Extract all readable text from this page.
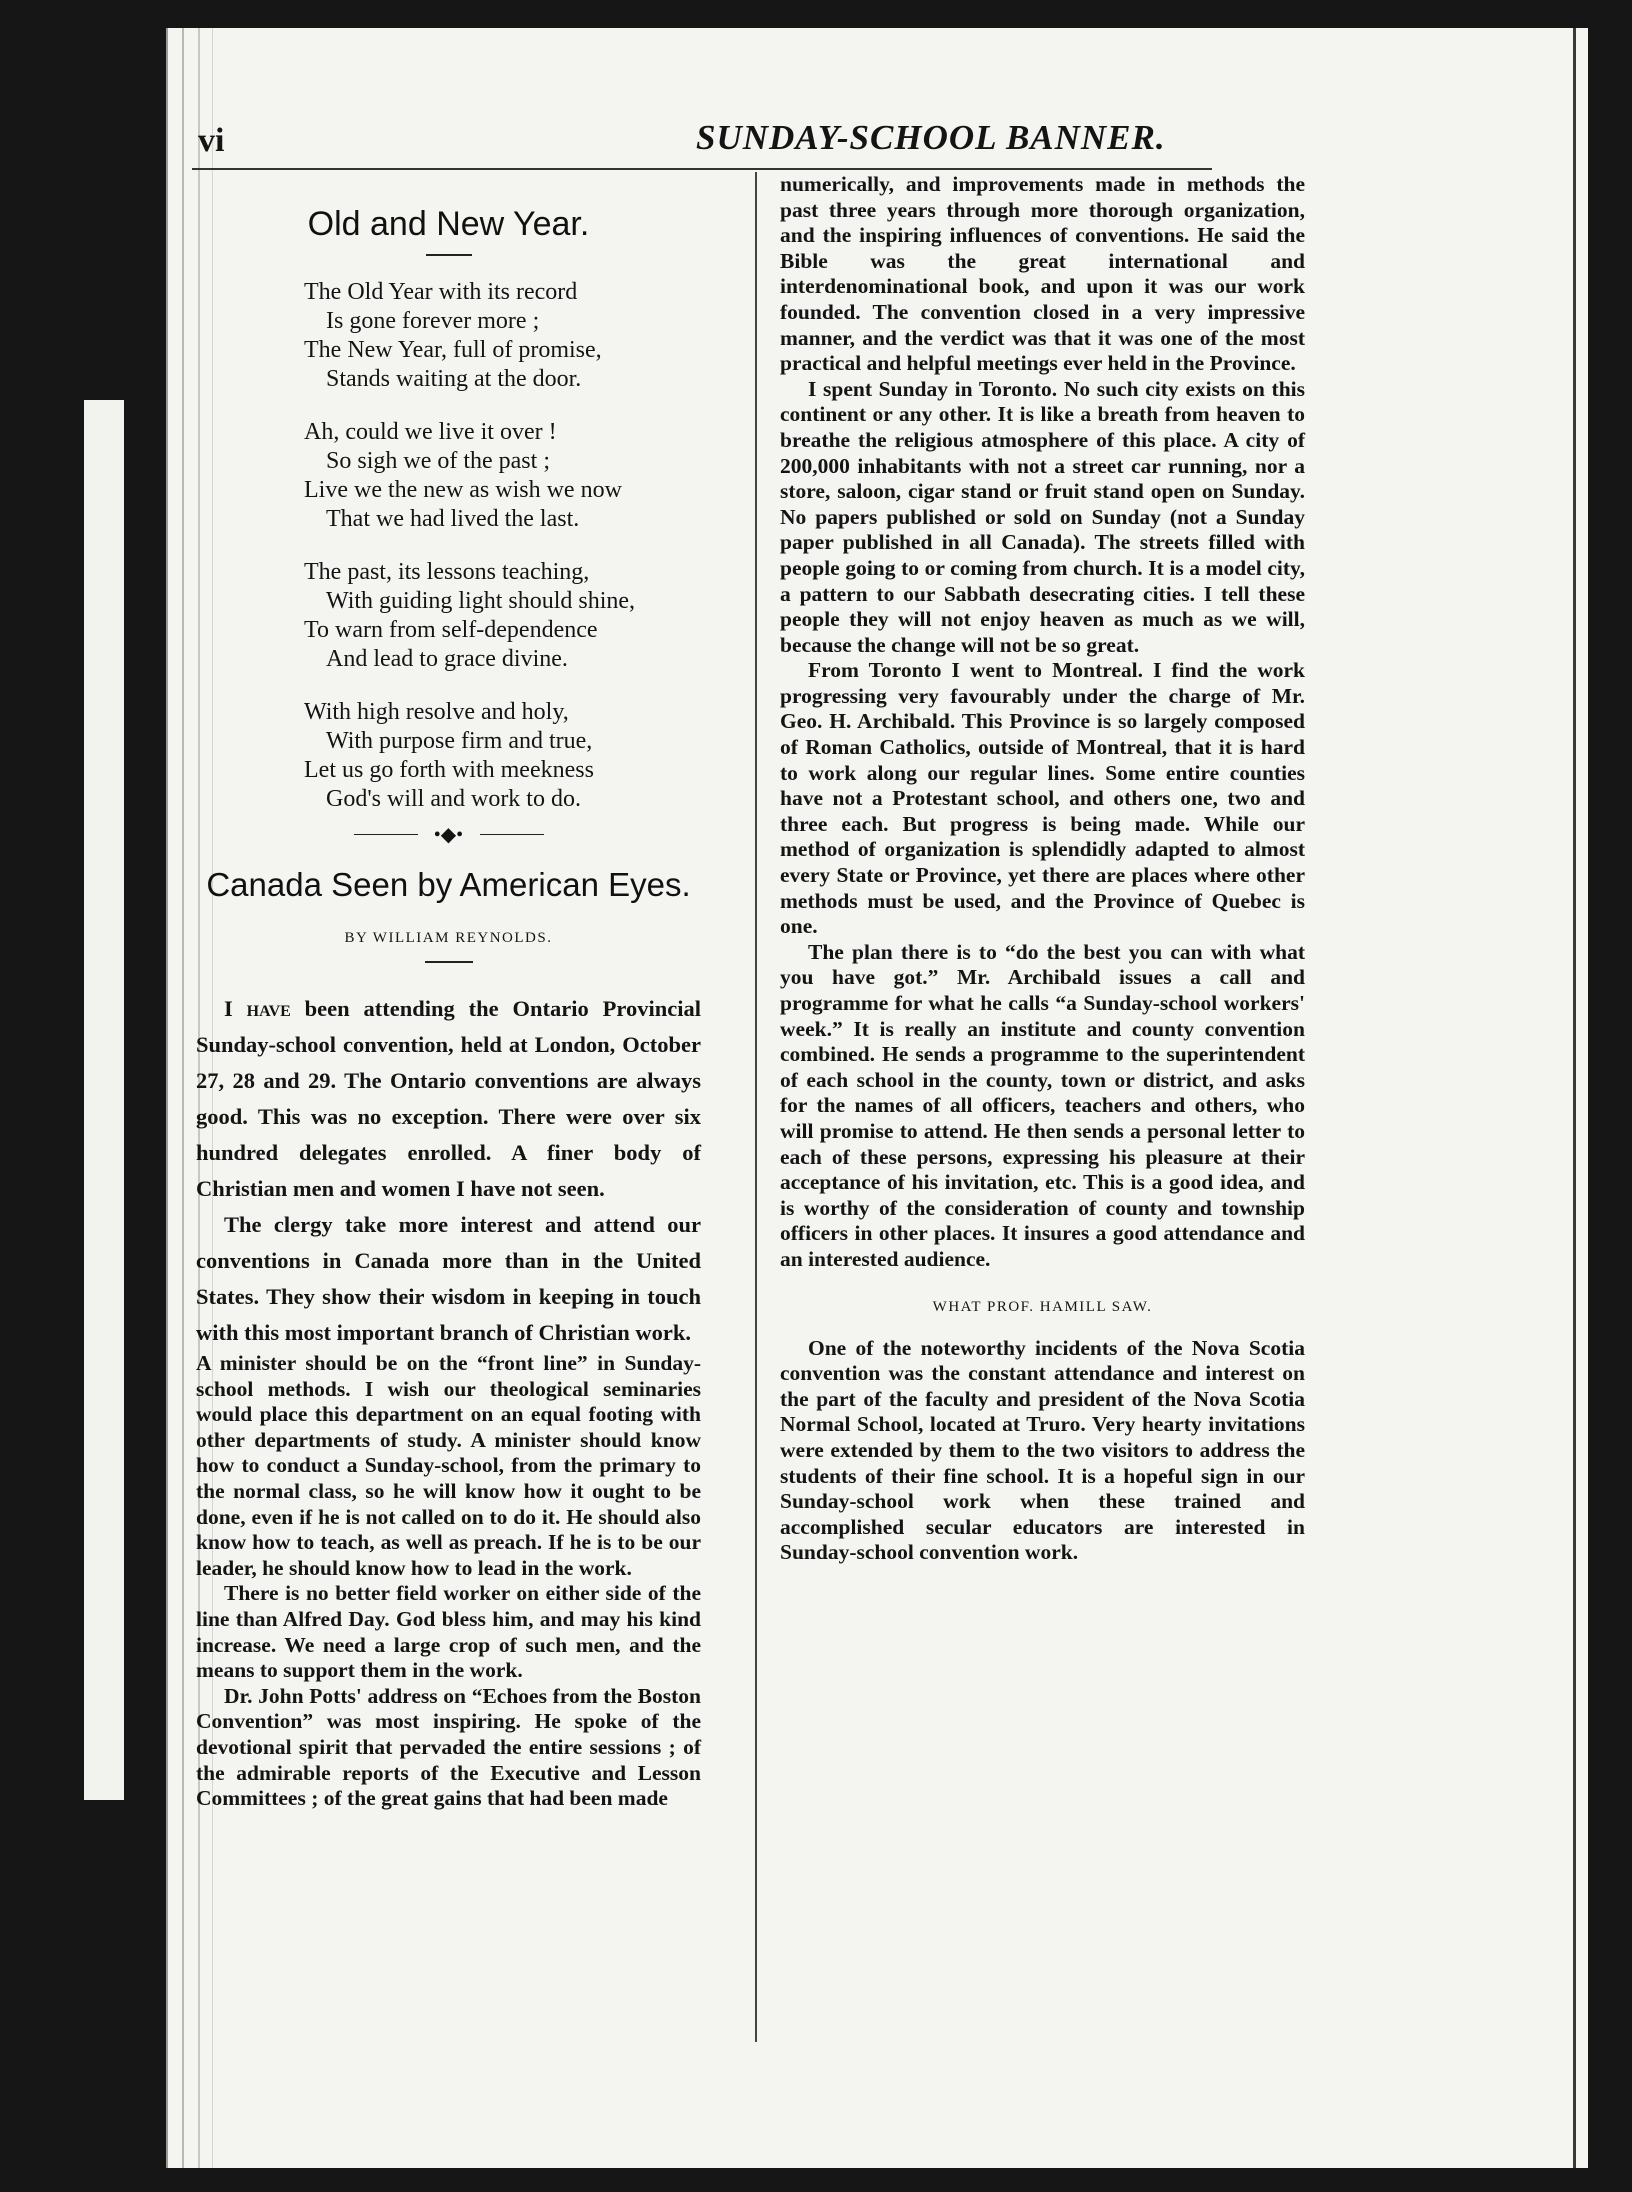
vi	SUNDAY-SCHOOL BANNER.
Old and New Year.
The Old Year with its record
Is gone forever more ;
The New Year, full of promise,
Stands waiting at the door.
Ah, could we live it over !
So sigh we of the past ;
Live we the new as wish we now
That we had lived the last.
The past, its lessons teaching,
With guiding light should shine,
To warn from self-dependence
And lead to grace divine.
With high resolve and holy,
With purpose firm and true,
Let us go forth with meekness
God's will and work to do.
•◆•
Canada Seen by American Eyes.
BY WILLIAM REYNOLDS.

I have been attending the Ontario Provincial Sunday-school convention, held at London, October 27, 28 and 29. The Ontario conventions are always good. This was no exception. There were over six hundred delegates enrolled. A finer body of Christian men and women I have not seen.

The clergy take more interest and attend our conventions in Canada more than in the United States. They show their wisdom in keeping in touch with this most important branch of Christian work.

A minister should be on the “front line” in Sunday-school methods. I wish our theological seminaries would place this department on an equal footing with other departments of study. A minister should know how to conduct a Sunday-school, from the primary to the normal class, so he will know how it ought to be done, even if he is not called on to do it. He should also know how to teach, as well as preach. If he is to be our leader, he should know how to lead in the work.

There is no better field worker on either side of the line than Alfred Day. God bless him, and may his kind increase. We need a large crop of such men, and the means to support them in the work.

Dr. John Potts' address on “Echoes from the Boston Convention” was most inspiring. He spoke of the devotional spirit that pervaded the entire sessions ; of the admirable reports of the Executive and Lesson Committees ; of the great gains that had been made

numerically, and improvements made in methods the past three years through more thorough organization, and the inspiring influences of conventions. He said the Bible was the great international and interdenominational book, and upon it was our work founded. The convention closed in a very impressive manner, and the verdict was that it was one of the most practical and helpful meetings ever held in the Province.

I spent Sunday in Toronto. No such city exists on this continent or any other. It is like a breath from heaven to breathe the religious atmosphere of this place. A city of 200,000 inhabitants with not a street car running, nor a store, saloon, cigar stand or fruit stand open on Sunday. No papers published or sold on Sunday (not a Sunday paper published in all Canada). The streets filled with people going to or coming from church. It is a model city, a pattern to our Sabbath desecrating cities. I tell these people they will not enjoy heaven as much as we will, because the change will not be so great.

From Toronto I went to Montreal. I find the work progressing very favourably under the charge of Mr. Geo. H. Archibald. This Province is so largely composed of Roman Catholics, outside of Montreal, that it is hard to work along our regular lines. Some entire counties have not a Protestant school, and others one, two and three each. But progress is being made. While our method of organization is splendidly adapted to almost every State or Province, yet there are places where other methods must be used, and the Province of Quebec is one.

The plan there is to “do the best you can with what you have got.” Mr. Archibald issues a call and programme for what he calls “a Sunday-school workers' week.” It is really an institute and county convention combined. He sends a programme to the superintendent of each school in the county, town or district, and asks for the names of all officers, teachers and others, who will promise to attend. He then sends a personal letter to each of these persons, expressing his pleasure at their acceptance of his invitation, etc. This is a good idea, and is worthy of the consideration of county and township officers in other places. It insures a good attendance and an interested audience.

WHAT PROF. HAMILL SAW.

One of the noteworthy incidents of the Nova Scotia convention was the constant attendance and interest on the part of the faculty and president of the Nova Scotia Normal School, located at Truro. Very hearty invitations were extended by them to the two visitors to address the students of their fine school. It is a hopeful sign in our Sunday-school work when these trained and accomplished secular educators are interested in Sunday-school convention work.
